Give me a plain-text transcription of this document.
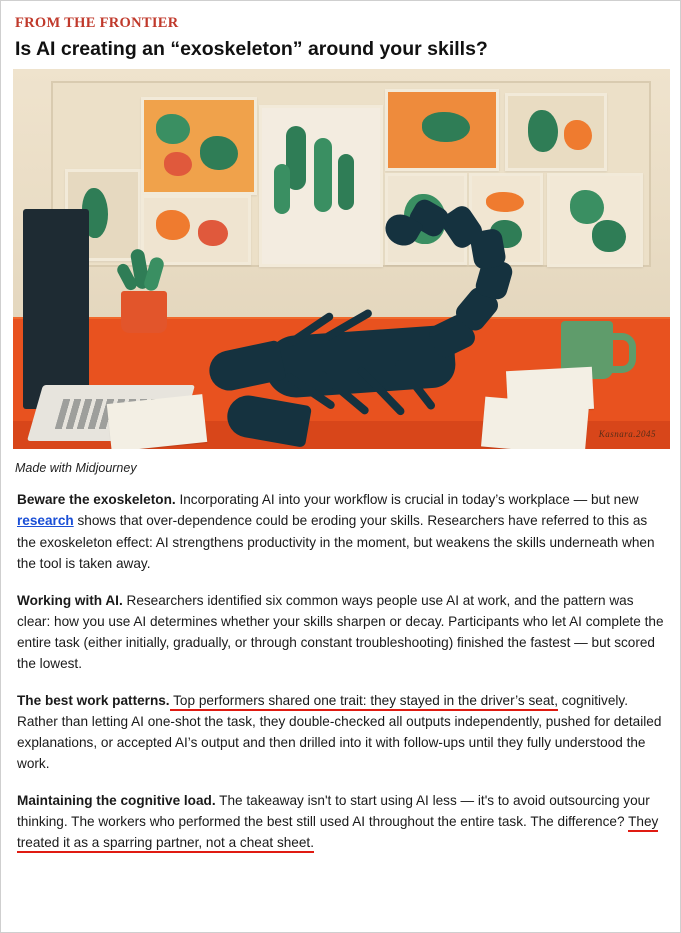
FROM THE FRONTIER
Is AI creating an “exoskeleton” around your skills?
Kasnara.2045
Made with Midjourney

Beware the exoskeleton. Incorporating AI into your workflow is crucial in today’s workplace — but new research shows that over-dependence could be eroding your skills. Researchers have referred to this as the exoskeleton effect: AI strengthens productivity in the moment, but weakens the skills underneath when the tool is taken away.

Working with AI. Researchers identified six common ways people use AI at work, and the pattern was clear: how you use AI determines whether your skills sharpen or decay. Participants who let AI complete the entire task (either initially, gradually, or through constant troubleshooting) finished the fastest — but scored the lowest.

The best work patterns. Top performers shared one trait: they stayed in the driver’s seat, cognitively. Rather than letting AI one-shot the task, they double-checked all outputs independently, pushed for detailed explanations, or accepted AI’s output and then drilled into it with follow-ups until they fully understood the work.

Maintaining the cognitive load. The takeaway isn't to start using AI less — it's to avoid outsourcing your thinking. The workers who performed the best still used AI throughout the entire task. The difference? They treated it as a sparring partner, not a cheat sheet.
